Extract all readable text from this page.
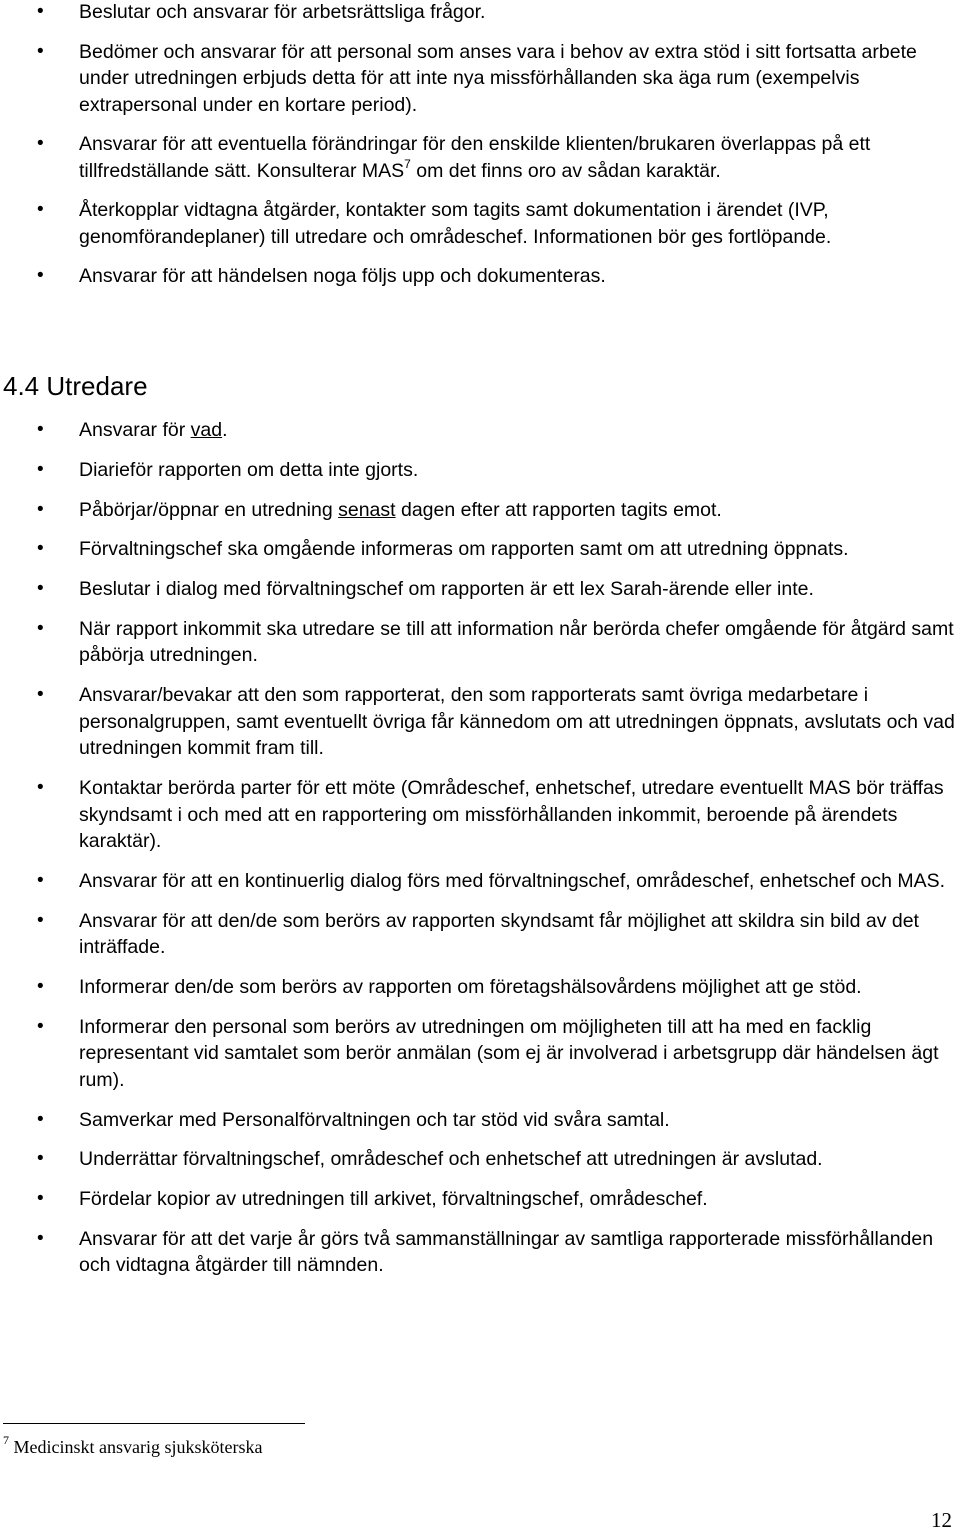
• Beslutar och ansvarar för arbetsrättsliga frågor.
• Bedömer och ansvarar för att personal som anses vara i behov av extra stöd i sitt fortsatta arbete under utredningen erbjuds detta för att inte nya missförhållanden ska äga rum (exempelvis extrapersonal under en kortare period).
• Ansvarar för att eventuella förändringar för den enskilde klienten/brukaren överlappas på ett tillfredställande sätt. Konsulterar MAS$^7$ om det finns oro av sådan karaktär.
• Återkopplar vidtagna åtgärder, kontakter som tagits samt dokumentation i ärendet (IVP, genomförandeplaner) till utredare och områdeschef. Informationen bör ges fortlöpande.
• Ansvarar för att händelsen noga följs upp och dokumenteras.
4.4 Utredare
• Ansvarar för vad.
• Diarieför rapporten om detta inte gjorts.
• Påbörjar/öppnar en utredning senast dagen efter att rapporten tagits emot.
• Förvaltningschef ska omgående informeras om rapporten samt om att utredning öppnats.
• Beslutar i dialog med förvaltningschef om rapporten är ett lex Sarah-ärende eller inte.
• När rapport inkommit ska utredare se till att information når berörda chefer omgående för åtgärd samt påbörja utredningen.
• Ansvarar/bevakar att den som rapporterat, den som rapporterats samt övriga medarbetare i personalgruppen, samt eventuellt övriga får kännedom om att utredningen öppnats, avslutats och vad utredningen kommit fram till.
• Kontaktar berörda parter för ett möte (Områdeschef, enhetschef, utredare eventuellt MAS bör träffas skyndsamt i och med att en rapportering om missförhållanden inkommit, beroende på ärendets karaktär).
• Ansvarar för att en kontinuerlig dialog förs med förvaltningschef, områdeschef, enhetschef och MAS.
• Ansvarar för att den/de som berörs av rapporten skyndsamt får möjlighet att skildra sin bild av det inträffade.
• Informerar den/de som berörs av rapporten om företagshälsovårdens möjlighet att ge stöd.
• Informerar den personal som berörs av utredningen om möjligheten till att ha med en facklig representant vid samtalet som berör anmälan (som ej är involverad i arbetsgrupp där händelsen ägt rum).
• Samverkar med Personalförvaltningen och tar stöd vid svåra samtal.
• Underrättar förvaltningschef, områdeschef och enhetschef att utredningen är avslutad.
• Fördelar kopior av utredningen till arkivet, förvaltningschef, områdeschef.
• Ansvarar för att det varje år görs två sammanställningar av samtliga rapporterade missförhållanden och vidtagna åtgärder till nämnden.
$^7$ Medicinskt ansvarig sjuksköterska
12
